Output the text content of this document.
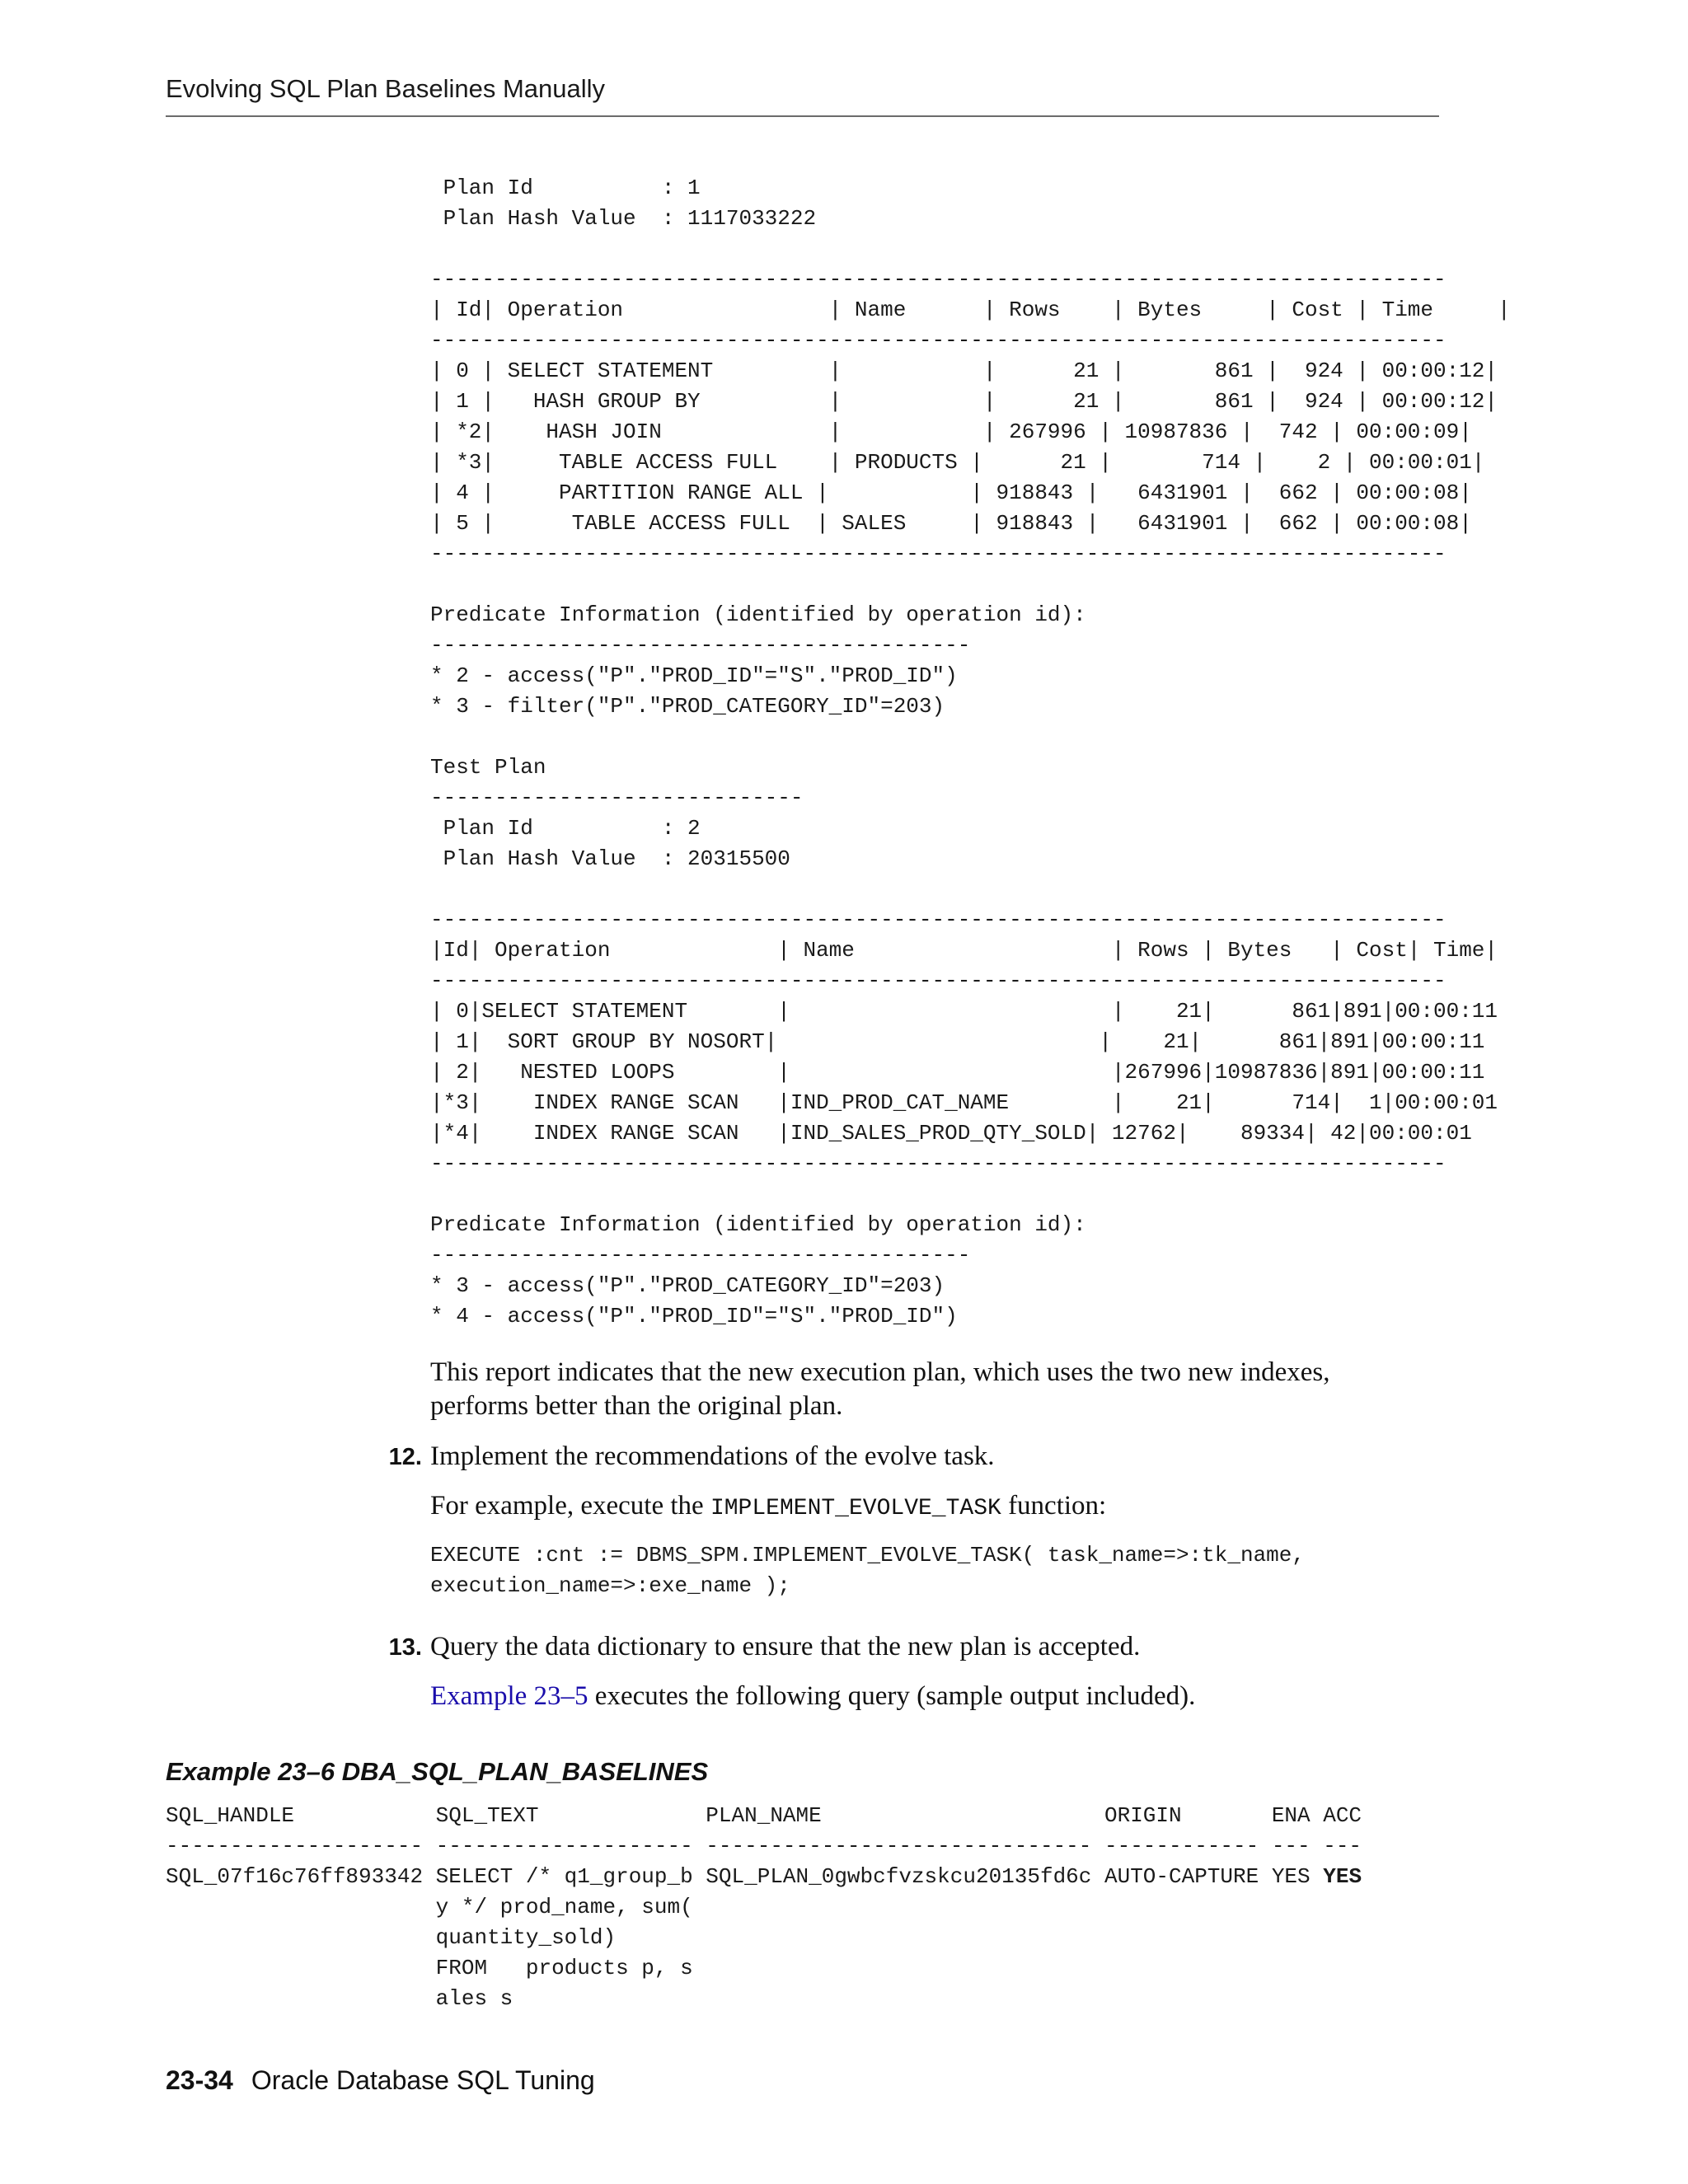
Evolving SQL Plan Baselines Manually
Plan Id          : 1
Plan Hash Value  : 1117033222

-------------------------------------------------------------------------------
| Id| Operation                | Name      | Rows    | Bytes     | Cost | Time     |
-------------------------------------------------------------------------------
| 0 | SELECT STATEMENT         |           |      21 |       861 |  924 | 00:00:12|
| 1 |   HASH GROUP BY          |           |      21 |       861 |  924 | 00:00:12|
| *2|    HASH JOIN             |           | 267996 | 10987836 |  742 | 00:00:09|
| *3|     TABLE ACCESS FULL    | PRODUCTS |      21 |       714 |    2 | 00:00:01|
| 4 |     PARTITION RANGE ALL |           | 918843 |   6431901 |  662 | 00:00:08|
| 5 |      TABLE ACCESS FULL  | SALES     | 918843 |   6431901 |  662 | 00:00:08|
-------------------------------------------------------------------------------

Predicate Information (identified by operation id):
------------------------------------------
* 2 - access("P"."PROD_ID"="S"."PROD_ID")
* 3 - filter("P"."PROD_CATEGORY_ID"=203)

Test Plan
-----------------------------
Plan Id          : 2
Plan Hash Value  : 20315500

-------------------------------------------------------------------------------
|Id| Operation             | Name                    | Rows | Bytes   | Cost| Time|
-------------------------------------------------------------------------------
| 0|SELECT STATEMENT       |                         |    21|      861|891|00:00:11
| 1|  SORT GROUP BY NOSORT|                         |    21|      861|891|00:00:11
| 2|   NESTED LOOPS        |                         |267996|10987836|891|00:00:11
|*3|    INDEX RANGE SCAN   |IND_PROD_CAT_NAME        |    21|      714|  1|00:00:01
|*4|    INDEX RANGE SCAN   |IND_SALES_PROD_QTY_SOLD| 12762|    89334| 42|00:00:01
-------------------------------------------------------------------------------

Predicate Information (identified by operation id):
------------------------------------------
* 3 - access("P"."PROD_CATEGORY_ID"=203)
* 4 - access("P"."PROD_ID"="S"."PROD_ID")

This report indicates that the new execution plan, which uses the two new indexes, performs better than the original plan.

12. Implement the recommendations of the evolve task.

For example, execute the IMPLEMENT_EVOLVE_TASK function:

EXECUTE :cnt := DBMS_SPM.IMPLEMENT_EVOLVE_TASK( task_name=>:tk_name,
execution_name=>:exe_name );
13. Query the data dictionary to ensure that the new plan is accepted.

Example 23–5 executes the following query (sample output included).

Example 23–6 DBA_SQL_PLAN_BASELINES

SQL_HANDLE           SQL_TEXT             PLAN_NAME                      ORIGIN       ENA ACC
-------------------- -------------------- ------------------------------ ------------ --- ---
SQL_07f16c76ff893342 SELECT /* q1_group_b SQL_PLAN_0gwbcfvzskcu20135fd6c AUTO-CAPTURE YES YES
y */ prod_name, sum(
quantity_sold)
FROM   products p, s
ales s

23-34 Oracle Database SQL Tuning
